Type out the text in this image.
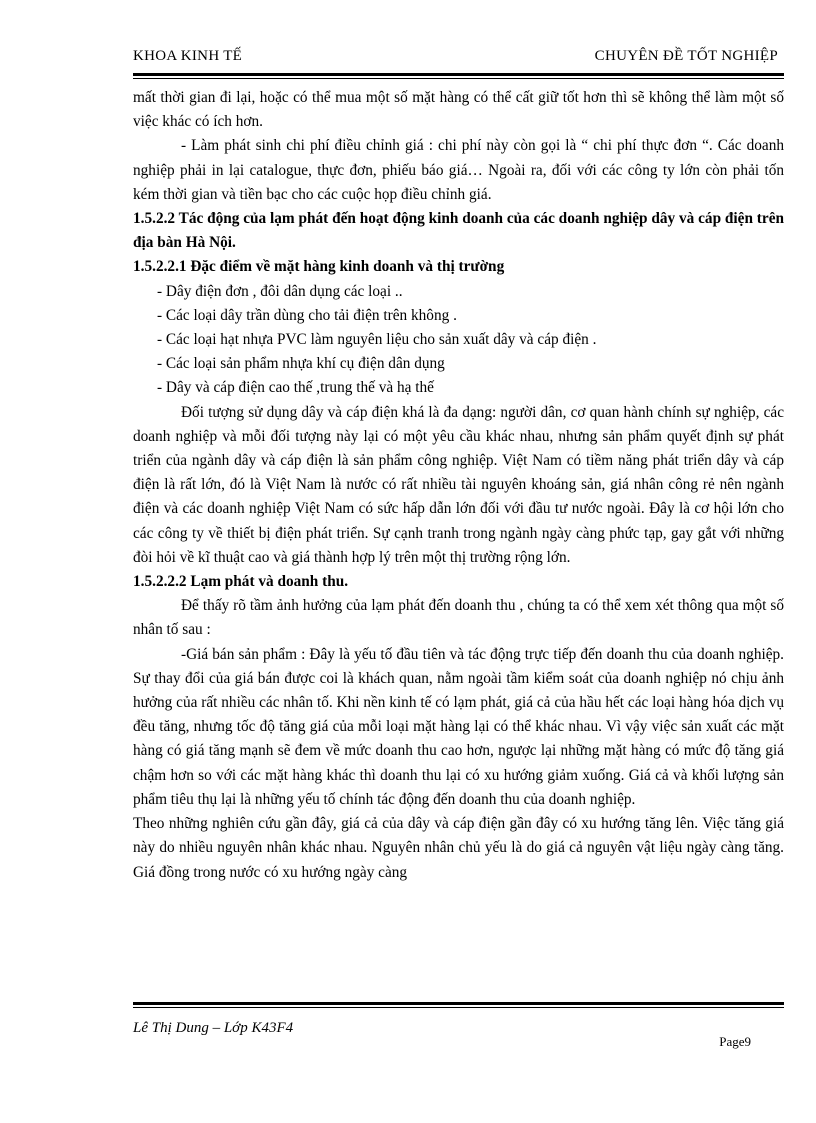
KHOA KINH TẾ	CHUYÊN ĐỀ TỐT NGHIỆP

mất thời gian đi lại, hoặc có thể mua một số mặt hàng có thể cất giữ tốt hơn thì sẽ không thể làm một số việc khác có ích hơn.

- Làm phát sinh chi phí điều chỉnh giá : chi phí này còn gọi là “ chi phí thực đơn “. Các doanh nghiệp phải in lại catalogue, thực đơn, phiếu báo giá… Ngoài ra, đối với các công ty lớn còn phải tốn kém thời gian và tiền bạc cho các cuộc họp điều chỉnh giá.

1.5.2.2 Tác động của lạm phát đến hoạt động kinh doanh của các doanh nghiệp dây và cáp điện trên địa bàn Hà Nội.

1.5.2.2.1 Đặc điểm về mặt hàng kinh doanh và thị trường

- Dây điện đơn , đôi dân dụng các loại ..

- Các loại dây trần dùng cho tải điện trên không .

- Các loại hạt nhựa PVC làm nguyên liệu cho sản xuất dây và cáp điện .

- Các loại sản phẩm nhựa khí cụ điện dân dụng

- Dây và cáp điện cao thế ,trung thế và hạ thế

Đối tượng sử dụng dây và cáp điện khá là đa dạng: người dân, cơ quan hành chính sự nghiệp, các doanh nghiệp và mỗi đối tượng này lại có một yêu cầu khác nhau, nhưng sản phẩm quyết định sự phát triển của ngành dây và cáp điện là sản phẩm công nghiệp. Việt Nam có tiềm năng phát triển dây và cáp điện là rất lớn, đó là Việt Nam là nước có rất nhiều tài nguyên khoáng sản, giá nhân công rẻ nên ngành điện và các doanh nghiệp Việt Nam có sức hấp dẫn lớn đối với đầu tư nước ngoài. Đây là cơ hội lớn cho các công ty về thiết bị điện phát triển. Sự cạnh tranh trong ngành ngày càng phức tạp, gay gắt với những đòi hỏi về kĩ thuật cao và giá thành hợp lý trên một thị trường rộng lớn.

1.5.2.2.2 Lạm phát và doanh thu.

Để thấy rõ tầm ảnh hưởng của lạm phát đến doanh thu , chúng ta có thể xem xét thông qua một số nhân tố sau :

-Giá bán sản phẩm : Đây là yếu tố đầu tiên và tác động trực tiếp đến doanh thu của doanh nghiệp. Sự thay đổi của giá bán được coi là khách quan, nằm ngoài tầm kiểm soát của doanh nghiệp nó chịu ảnh hưởng của rất nhiều các nhân tố. Khi nền kinh tế có lạm phát, giá cả của hầu hết các loại hàng hóa dịch vụ đều tăng, nhưng tốc độ tăng giá của mỗi loại mặt hàng lại có thể khác nhau. Vì vậy việc sản xuất các mặt hàng có giá tăng mạnh sẽ đem về mức doanh thu cao hơn, ngược lại những mặt hàng có mức độ tăng giá chậm hơn so với các mặt hàng khác thì doanh thu lại có xu hướng giảm xuống. Giá cả và khối lượng sản phẩm tiêu thụ lại là những yếu tố chính tác động đến doanh thu của doanh nghiệp.

Theo những nghiên cứu gần đây, giá cả của dây và cáp điện gần đây có xu hướng tăng lên. Việc tăng giá này do nhiều nguyên nhân khác nhau. Nguyên nhân chủ yếu là do giá cả nguyên vật liệu ngày càng tăng. Giá đồng trong nước có xu hướng ngày càng

Lê Thị Dung – Lớp K43F4
Page9
